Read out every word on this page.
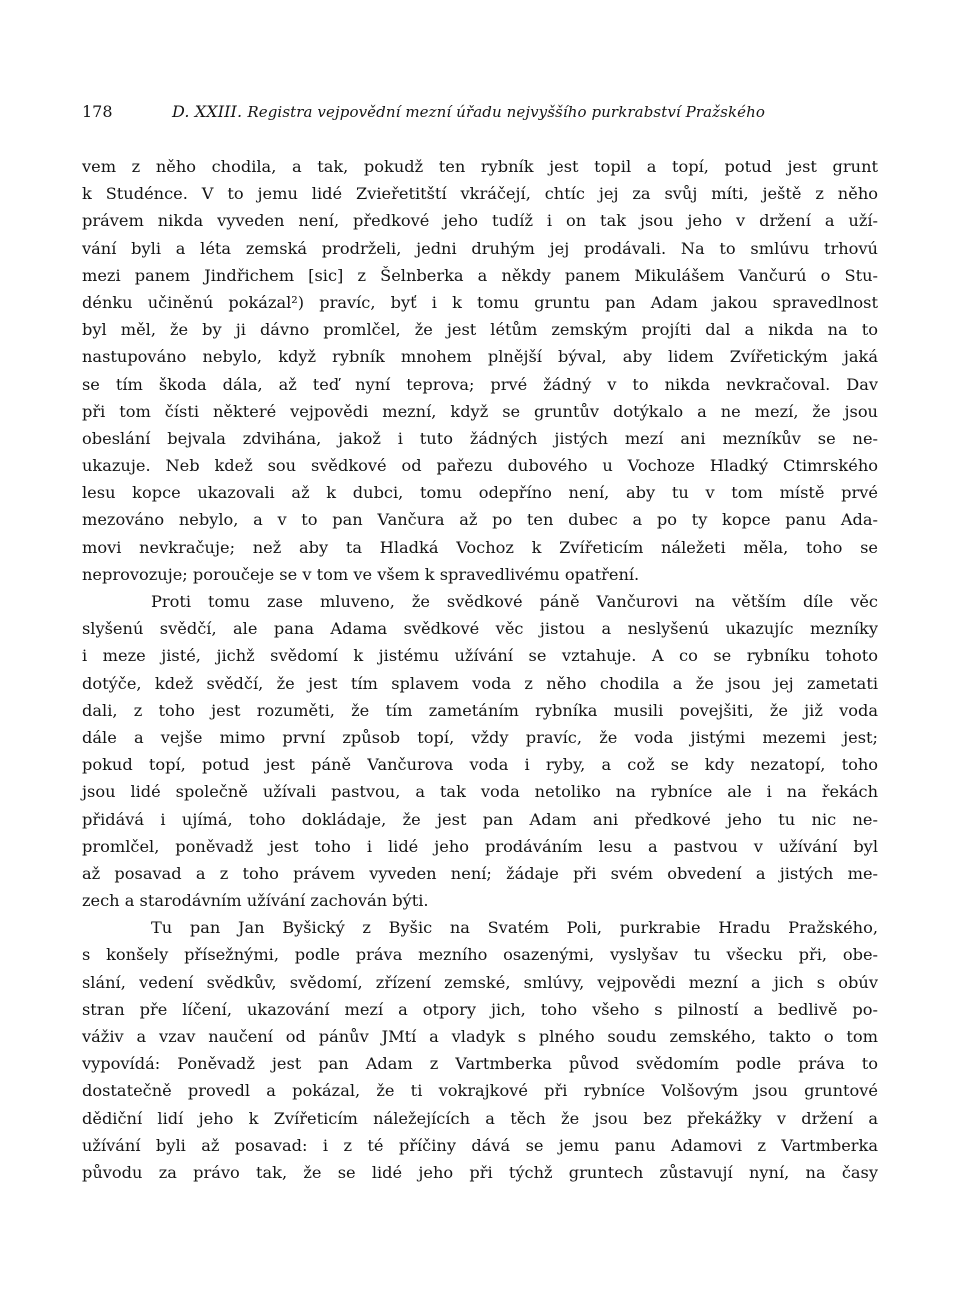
178	D. XXIII. Registra vejpovědní mezní úřadu nejvyššího purkrabství Pražského
vem z něho chodila, a tak, pokudž ten rybník jest topil a topí, potud jest grunt
k Studénce. V to jemu lidé Zvieřetitští vkráčejí, chtíc jej za svůj míti, ještě z něho
právem nikda vyveden není, předkové jeho tudíž i on tak jsou jeho v držení a uží-
vání byli a léta zemská prodrželi, jedni druhým jej prodávali. Na to smlúvu trhovú
mezi panem Jindřichem [sic] z Šelnberka a někdy panem Mikulášem Vančurú o Stu-
dénku učiněnú pokázal²) pravíc, byť i k tomu gruntu pan Adam jakou spravedlnost
byl měl, že by ji dávno promlčel, že jest létům zemským projíti dal a nikda na to
nastupováno nebylo, když rybník mnohem plnější býval, aby lidem Zvířetickým jaká
se tím škoda dála, až teď nyní teprova; prvé žádný v to nikda nevkračoval. Dav
při tom čísti některé vejpovědi mezní, když se gruntův dotýkalo a ne mezí, že jsou
obeslání bejvala zdvihána, jakož i tuto žádných jistých mezí ani mezníkův se ne-
ukazuje. Neb kdež sou svědkové od pařezu dubového u Vochoze Hladký Ctimrského
lesu kopce ukazovali až k dubci, tomu odepříno není, aby tu v tom místě prvé
mezováno nebylo, a v to pan Vančura až po ten dubec a po ty kopce panu Ada-
movi nevkračuje; než aby ta Hladká Vochoz k Zvířeticím náležeti měla, toho se
neprovozuje; poroučeje se v tom ve všem k spravedlivému opatření.
Proti tomu zase mluveno, že svědkové páně Vančurovi na větším díle věc
slyšenú svědčí, ale pana Adama svědkové věc jistou a neslyšenú ukazujíc mezníky
i meze jisté, jichž svědomí k jistému užívání se vztahuje. A co se rybníku tohoto
dotýče, kdež svědčí, že jest tím splavem voda z něho chodila a že jsou jej zametati
dali, z toho jest rozuměti, že tím zametáním rybníka musili povejšiti, že již voda
dále a vejše mimo první způsob topí, vždy pravíc, že voda jistými mezemi jest;
pokud topí, potud jest páně Vančurova voda i ryby, a což se kdy nezatopí, toho
jsou lidé společně užívali pastvou, a tak voda netoliko na rybníce ale i na řekách
přidává i ujímá, toho dokládaje, že jest pan Adam ani předkové jeho tu nic ne-
promlčel, poněvadž jest toho i lidé jeho prodáváním lesu a pastvou v užívání byl
až posavad a z toho právem vyveden není; žádaje při svém obvedení a jistých me-
zech a starodávním užívání zachován býti.
Tu pan Jan Byšický z Byšic na Svatém Poli, purkrabie Hradu Pražského,
s konšely přísežnými, podle práva mezního osazenými, vyslyšav tu všecku při, obe-
slání, vedení svědkův, svědomí, zřízení zemské, smlúvy, vejpovědi mezní a jich s obúv
stran pře líčení, ukazování mezí a otpory jich, toho všeho s pilností a bedlivě po-
váživ a vzav naučení od pánův JMtí a vladyk s plného soudu zemského, takto o tom
vypovídá: Poněvadž jest pan Adam z Vartmberka původ svědomím podle práva to
dostatečně provedl a pokázal, že ti vokrajkové při rybníce Volšovým jsou gruntové
dědiční lidí jeho k Zvířeticím náležejících a těch že jsou bez překážky v držení a
užívání byli až posavad: i z té příčiny dává se jemu panu Adamovi z Vartmberka
původu za právo tak, že se lidé jeho při týchž gruntech zůstavují nyní, na časy
